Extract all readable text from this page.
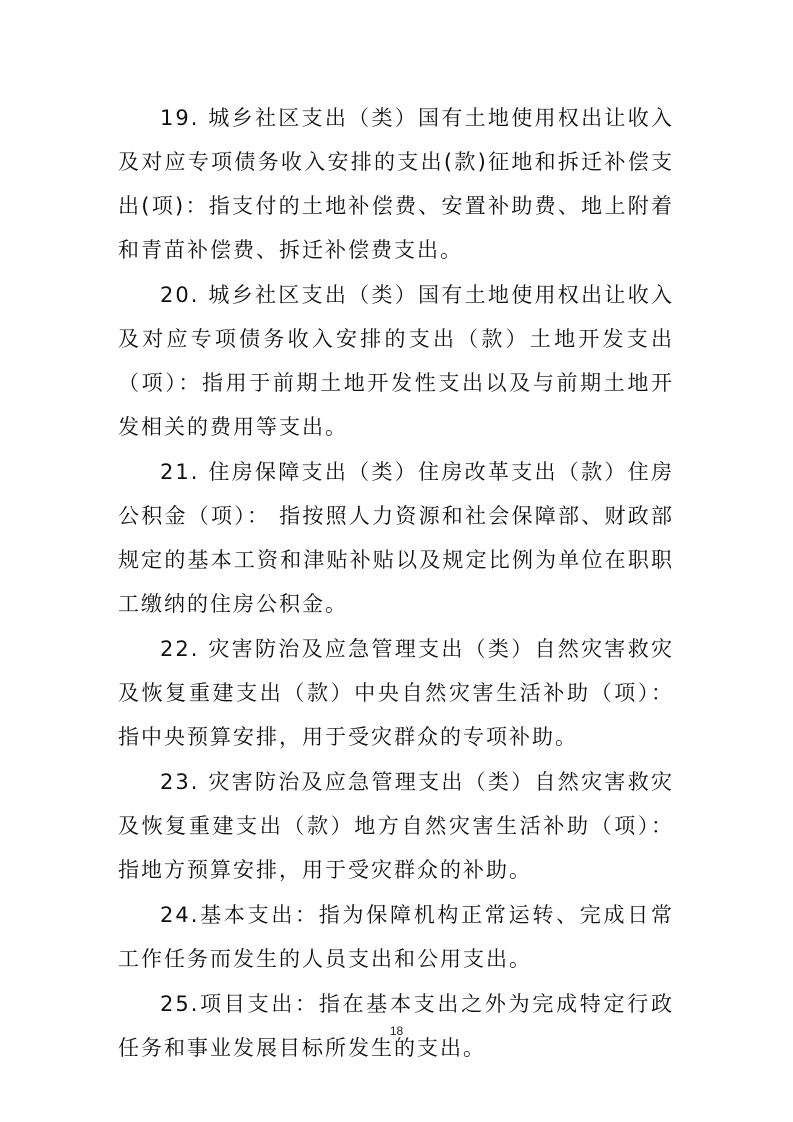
19. 城乡社区支出（类）国有土地使用权出让收入及对应专项债务收入安排的支出(款)征地和拆迁补偿支出(项)：指支付的土地补偿费、安置补助费、地上附着和青苗补偿费、拆迁补偿费支出。

20. 城乡社区支出（类）国有土地使用权出让收入及对应专项债务收入安排的支出（款）土地开发支出（项）：指用于前期土地开发性支出以及与前期土地开发相关的费用等支出。

21. 住房保障支出（类）住房改革支出（款）住房公积金（项）： 指按照人力资源和社会保障部、财政部规定的基本工资和津贴补贴以及规定比例为单位在职职工缴纳的住房公积金。

22. 灾害防治及应急管理支出（类）自然灾害救灾及恢复重建支出（款）中央自然灾害生活补助（项）：指中央预算安排，用于受灾群众的专项补助。

23. 灾害防治及应急管理支出（类）自然灾害救灾及恢复重建支出（款）地方自然灾害生活补助（项）：指地方预算安排，用于受灾群众的补助。

24.基本支出：指为保障机构正常运转、完成日常工作任务而发生的人员支出和公用支出。

25.项目支出：指在基本支出之外为完成特定行政任务和事业发展目标所发生的支出。

18
